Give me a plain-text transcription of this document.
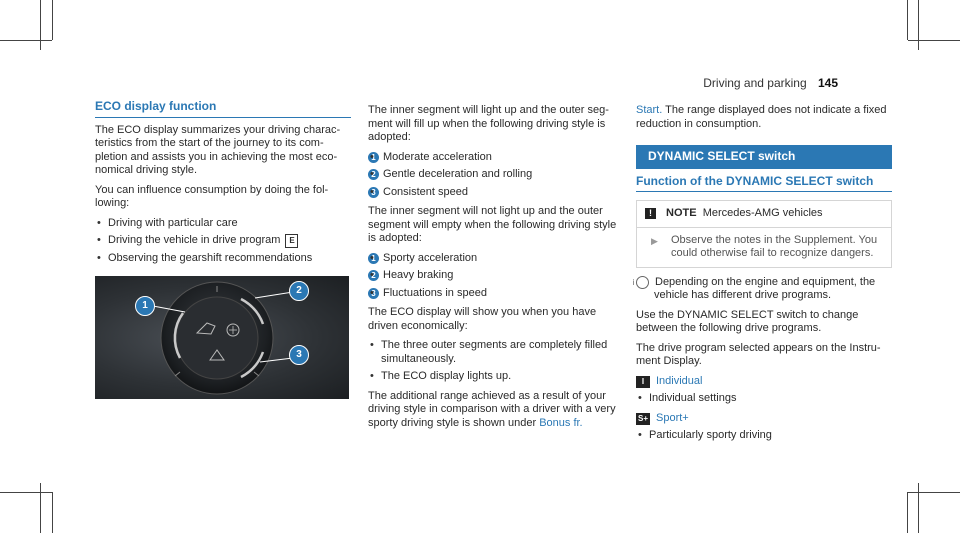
Driving and parking 145
ECO display function

The ECO display summarizes your driving charac- teristics from the start of the journey to its com- pletion and assists you in achieving the most eco- nomical driving style.

You can influence consumption by doing the fol- lowing:

• Driving with particular care
• Driving the vehicle in drive program E
• Observing the gearshift recommendations
1
2
3

The inner segment will light up and the outer seg- ment will fill up when the following driving style is adopted:

• 1 Moderate acceleration
• 2 Gentle deceleration and rolling
• 3 Consistent speed

The inner segment will not light up and the outer segment will empty when the following driving style is adopted:

• 1 Sporty acceleration
• 2 Heavy braking
• 3 Fluctuations in speed

The ECO display will show you when you have driven economically:

• The three outer segments are completely filled simultaneously.
• The ECO display lights up.

The additional range achieved as a result of your driving style in comparison with a driver with a very sporty driving style is shown under Bonus fr.

Start. The range displayed does not indicate a fixed reduction in consumption.

DYNAMIC SELECT switch
Function of the DYNAMIC SELECT switch
! NOTE Mercedes-AMG vehicles
▶ Observe the notes in the Supplement. You could otherwise fail to recognize dangers.

i Depending on the engine and equipment, the vehicle has different drive programs.

Use the DYNAMIC SELECT switch to change between the following drive programs.

The drive program selected appears on the Instru- ment Display.

I Individual

• Individual settings

S+ Sport+

• Particularly sporty driving
